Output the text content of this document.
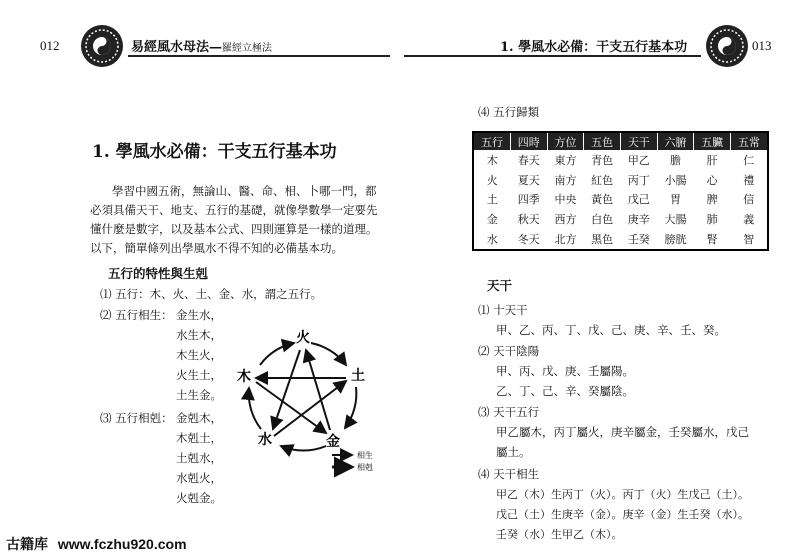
012	易經風水母法—羅經立極法	1. 學風水必備：干支五行基本功	013
1. 學風水必備：干支五行基本功
學習中國五術，無論山、醫、命、相、卜哪一門，都必須具備天干、地支、五行的基礎，就像學數學一定要先懂什麼是數字，以及基本公式、四則運算是一樣的道理。以下，簡單條列出學風水不得不知的必備基本功。
五行的特性與生剋
⑴ 五行：木、火、土、金、水，謂之五行。
⑵ 五行相生： 金生水，
水生木，
木生火，
火生土，
土生金。
⑶ 五行相剋： 金剋木，
木剋土，
土剋水，
水剋火，
火剋金。
火
土
金
水
木
相生
相剋
⑷ 五行歸類
五行	四時	方位	五色	天干	六腑	五臟	五常
木	春天	東方	青色	甲乙	膽	肝	仁
火	夏天	南方	紅色	丙丁	小腸	心	禮
土	四季	中央	黃色	戊己	胃	脾	信
金	秋天	西方	白色	庚辛	大腸	肺	義
水	冬天	北方	黑色	壬癸	膀胱	腎	智
天干
⑴ 十天干
甲、乙、丙、丁、戊、己、庚、辛、壬、癸。
⑵ 天干陰陽
甲、丙、戊、庚、壬屬陽。
乙、丁、己、辛、癸屬陰。
⑶ 天干五行
甲乙屬木，丙丁屬火，庚辛屬金，壬癸屬水，戊己
屬土。
⑷ 天干相生
甲乙（木）生丙丁（火）。丙丁（火）生戊己（土）。
戊己（土）生庚辛（金）。庚辛（金）生壬癸（水）。
壬癸（水）生甲乙（木）。
古籍库 www.fczhu920.com
